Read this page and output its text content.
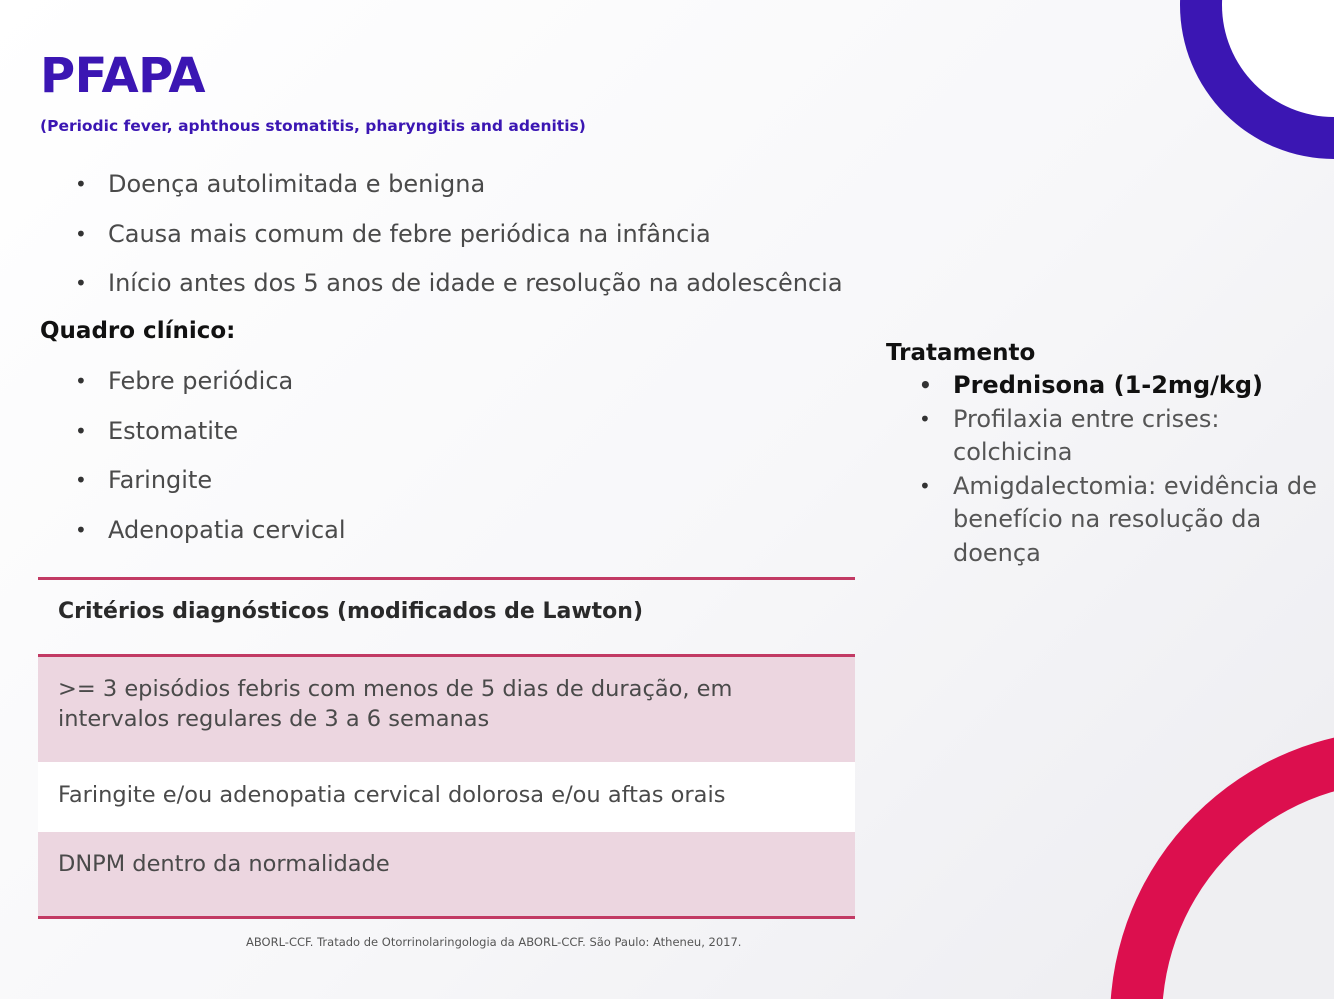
PFAPA

(Periodic fever, aphthous stomatitis, pharyngitis and adenitis)

• Doença autolimitada e benigna
• Causa mais comum de febre periódica na infância
• Início antes dos 5 anos de idade e resolução na adolescência
Quadro clínico:
• Febre periódica
• Estomatite
• Faringite
• Adenopatia cervical
Critérios diagnósticos (modificados de Lawton)
>= 3 episódios febris com menos de 5 dias de duração, em intervalos regulares de 3 a 6 semanas
Faringite e/ou adenopatia cervical dolorosa e/ou aftas orais
DNPM dentro da normalidade
Tratamento
• Prednisona (1-2mg/kg)
• Profilaxia entre crises: colchicina
• Amigdalectomia: evidência de benefício na resolução da doença

ABORL-CCF. Tratado de Otorrinolaringologia da ABORL-CCF. São Paulo: Atheneu, 2017.
